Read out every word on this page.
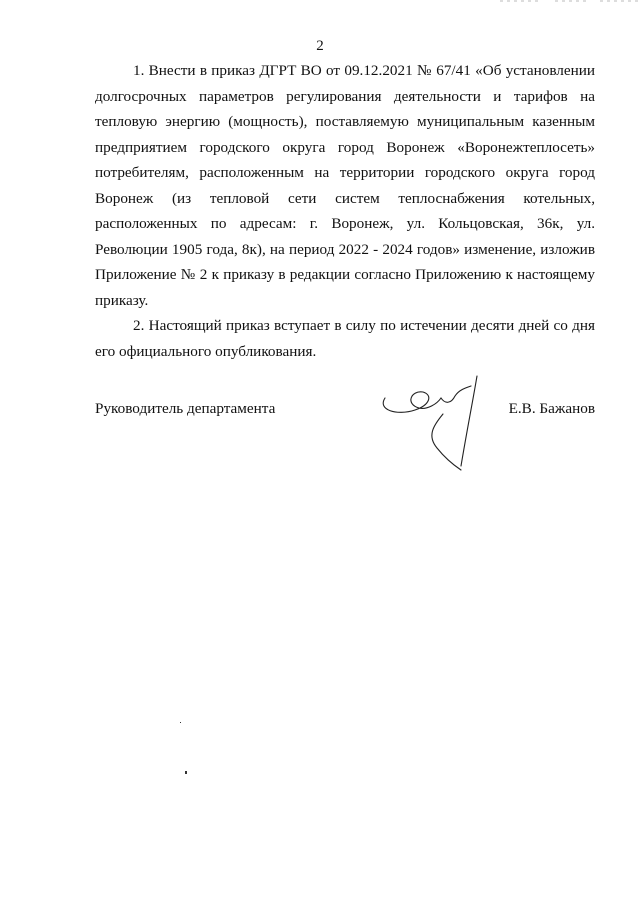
2

1. Внести в приказ ДГРТ ВО от 09.12.2021 № 67/41 «Об установлении долгосрочных параметров регулирования деятельности и тарифов на тепловую энергию (мощность), поставляемую муниципальным казенным предприятием городского округа город Воронеж «Воронежтеплосеть» потребителям, расположенным на территории городского округа город Воронеж (из тепловой сети систем теплоснабжения котельных, расположенных по адресам: г. Воронеж, ул. Кольцовская, 36к, ул. Революции 1905 года, 8к), на период 2022 - 2024 годов» изменение, изложив Приложение № 2 к приказу в редакции согласно Приложению к настоящему приказу.

2. Настоящий приказ вступает в силу по истечении десяти дней со дня его официального опубликования.

Руководитель департамента	Е.В. Бажанов
